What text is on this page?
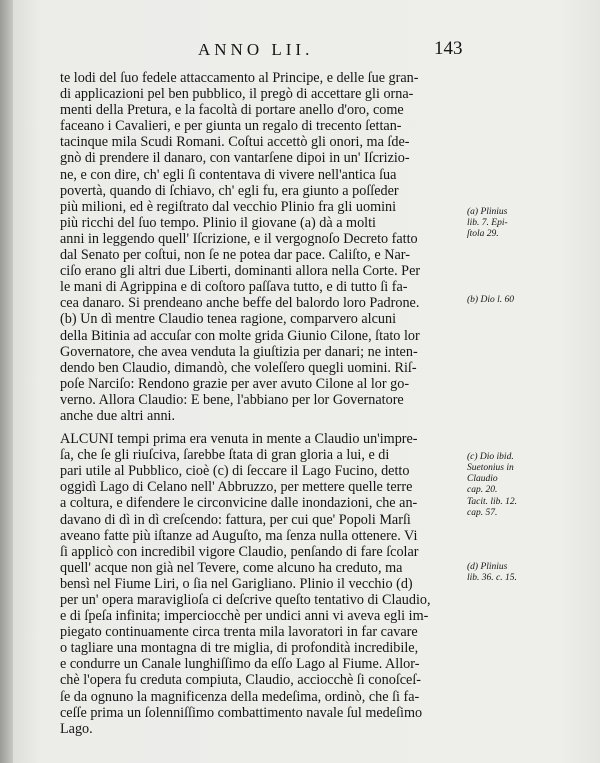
ANNO LII.	143
te lodi del ſuo fedele attaccamento al Principe, e delle ſue gran-
di applicazioni pel ben pubblico, il pregò di accettare gli orna-
menti della Pretura, e la facoltà di portare anello d'oro, come
faceano i Cavalieri, e per giunta un regalo di trecento ſettan-
tacinque mila Scudi Romani. Coſtui accettò gli onori, ma ſde-
gnò di prendere il danaro, con vantarſene dipoi in un' Iſcrizio-
ne, e con dire, ch' egli ſi contentava di vivere nell'antica ſua
povertà, quando di ſchiavo, ch' egli fu, era giunto a poſſeder
più milioni, ed è regiſtrato dal vecchio Plinio fra gli uomini
più ricchi del ſuo tempo. Plinio il giovane (a) dà a molti
anni in leggendo quell' Iſcrizione, e il vergognoſo Decreto fatto
dal Senato per coſtui, non ſe ne potea dar pace. Caliſto, e Nar-
ciſo erano gli altri due Liberti, dominanti allora nella Corte. Per
le mani di Agrippina e di coſtoro paſſava tutto, e di tutto ſi fa-
cea danaro. Si prendeano anche beffe del balordo loro Padrone.
(b) Un dì mentre Claudio tenea ragione, comparvero alcuni
della Bitinia ad accuſar con molte grida Giunio Cilone, ſtato lor
Governatore, che avea venduta la giuſtizia per danari; ne inten-
dendo ben Claudio, dimandò, che voleſſero quegli uomini. Riſ-
poſe Narciſo: Rendono grazie per aver avuto Cilone al lor go-
verno. Allora Claudio: E bene, l'abbiano per lor Governatore
anche due altri anni.
ALCUNI tempi prima era venuta in mente a Claudio un'impre-
ſa, che ſe gli riuſciva, ſarebbe ſtata di gran gloria a lui, e di
pari utile al Pubblico, cioè (c) di ſeccare il Lago Fucino, detto
oggidì Lago di Celano nell' Abbruzzo, per mettere quelle terre
a coltura, e difendere le circonvicine dalle inondazioni, che an-
davano di dì in dì creſcendo: fattura, per cui que' Popoli Marſi
aveano fatte più iſtanze ad Auguſto, ma ſenza nulla ottenere. Vi
ſi applicò con incredibil vigore Claudio, penſando di fare ſcolar
quell' acque non già nel Tevere, come alcuno ha creduto, ma
bensì nel Fiume Liri, o ſia nel Garigliano. Plinio il vecchio (d)
per un' opera maraviglioſa ci deſcrive queſto tentativo di Claudio,
e di ſpeſa infinita; imperciocchè per undici anni vi aveva egli im-
piegato continuamente circa trenta mila lavoratori in far cavare
o tagliare una montagna di tre miglia, di profondità incredibile,
e condurre un Canale lunghiſſimo da eſſo Lago al Fiume. Allor-
chè l'opera fu creduta compiuta, Claudio, acciocchè ſi conoſceſ-
ſe da ognuno la magnificenza della medeſima, ordinò, che ſi fa-
ceſſe prima un ſolenniſſimo combattimento navale ſul medeſimo
Lago.
(a) Plinius
lib. 7. Epi-
ſtola 29.
(b) Dio l. 60
(c) Dio ibid.
Suetonius in
Claudio
cap. 20.
Tacit. lib. 12.
cap. 57.
(d) Plinius
lib. 36. c. 15.
